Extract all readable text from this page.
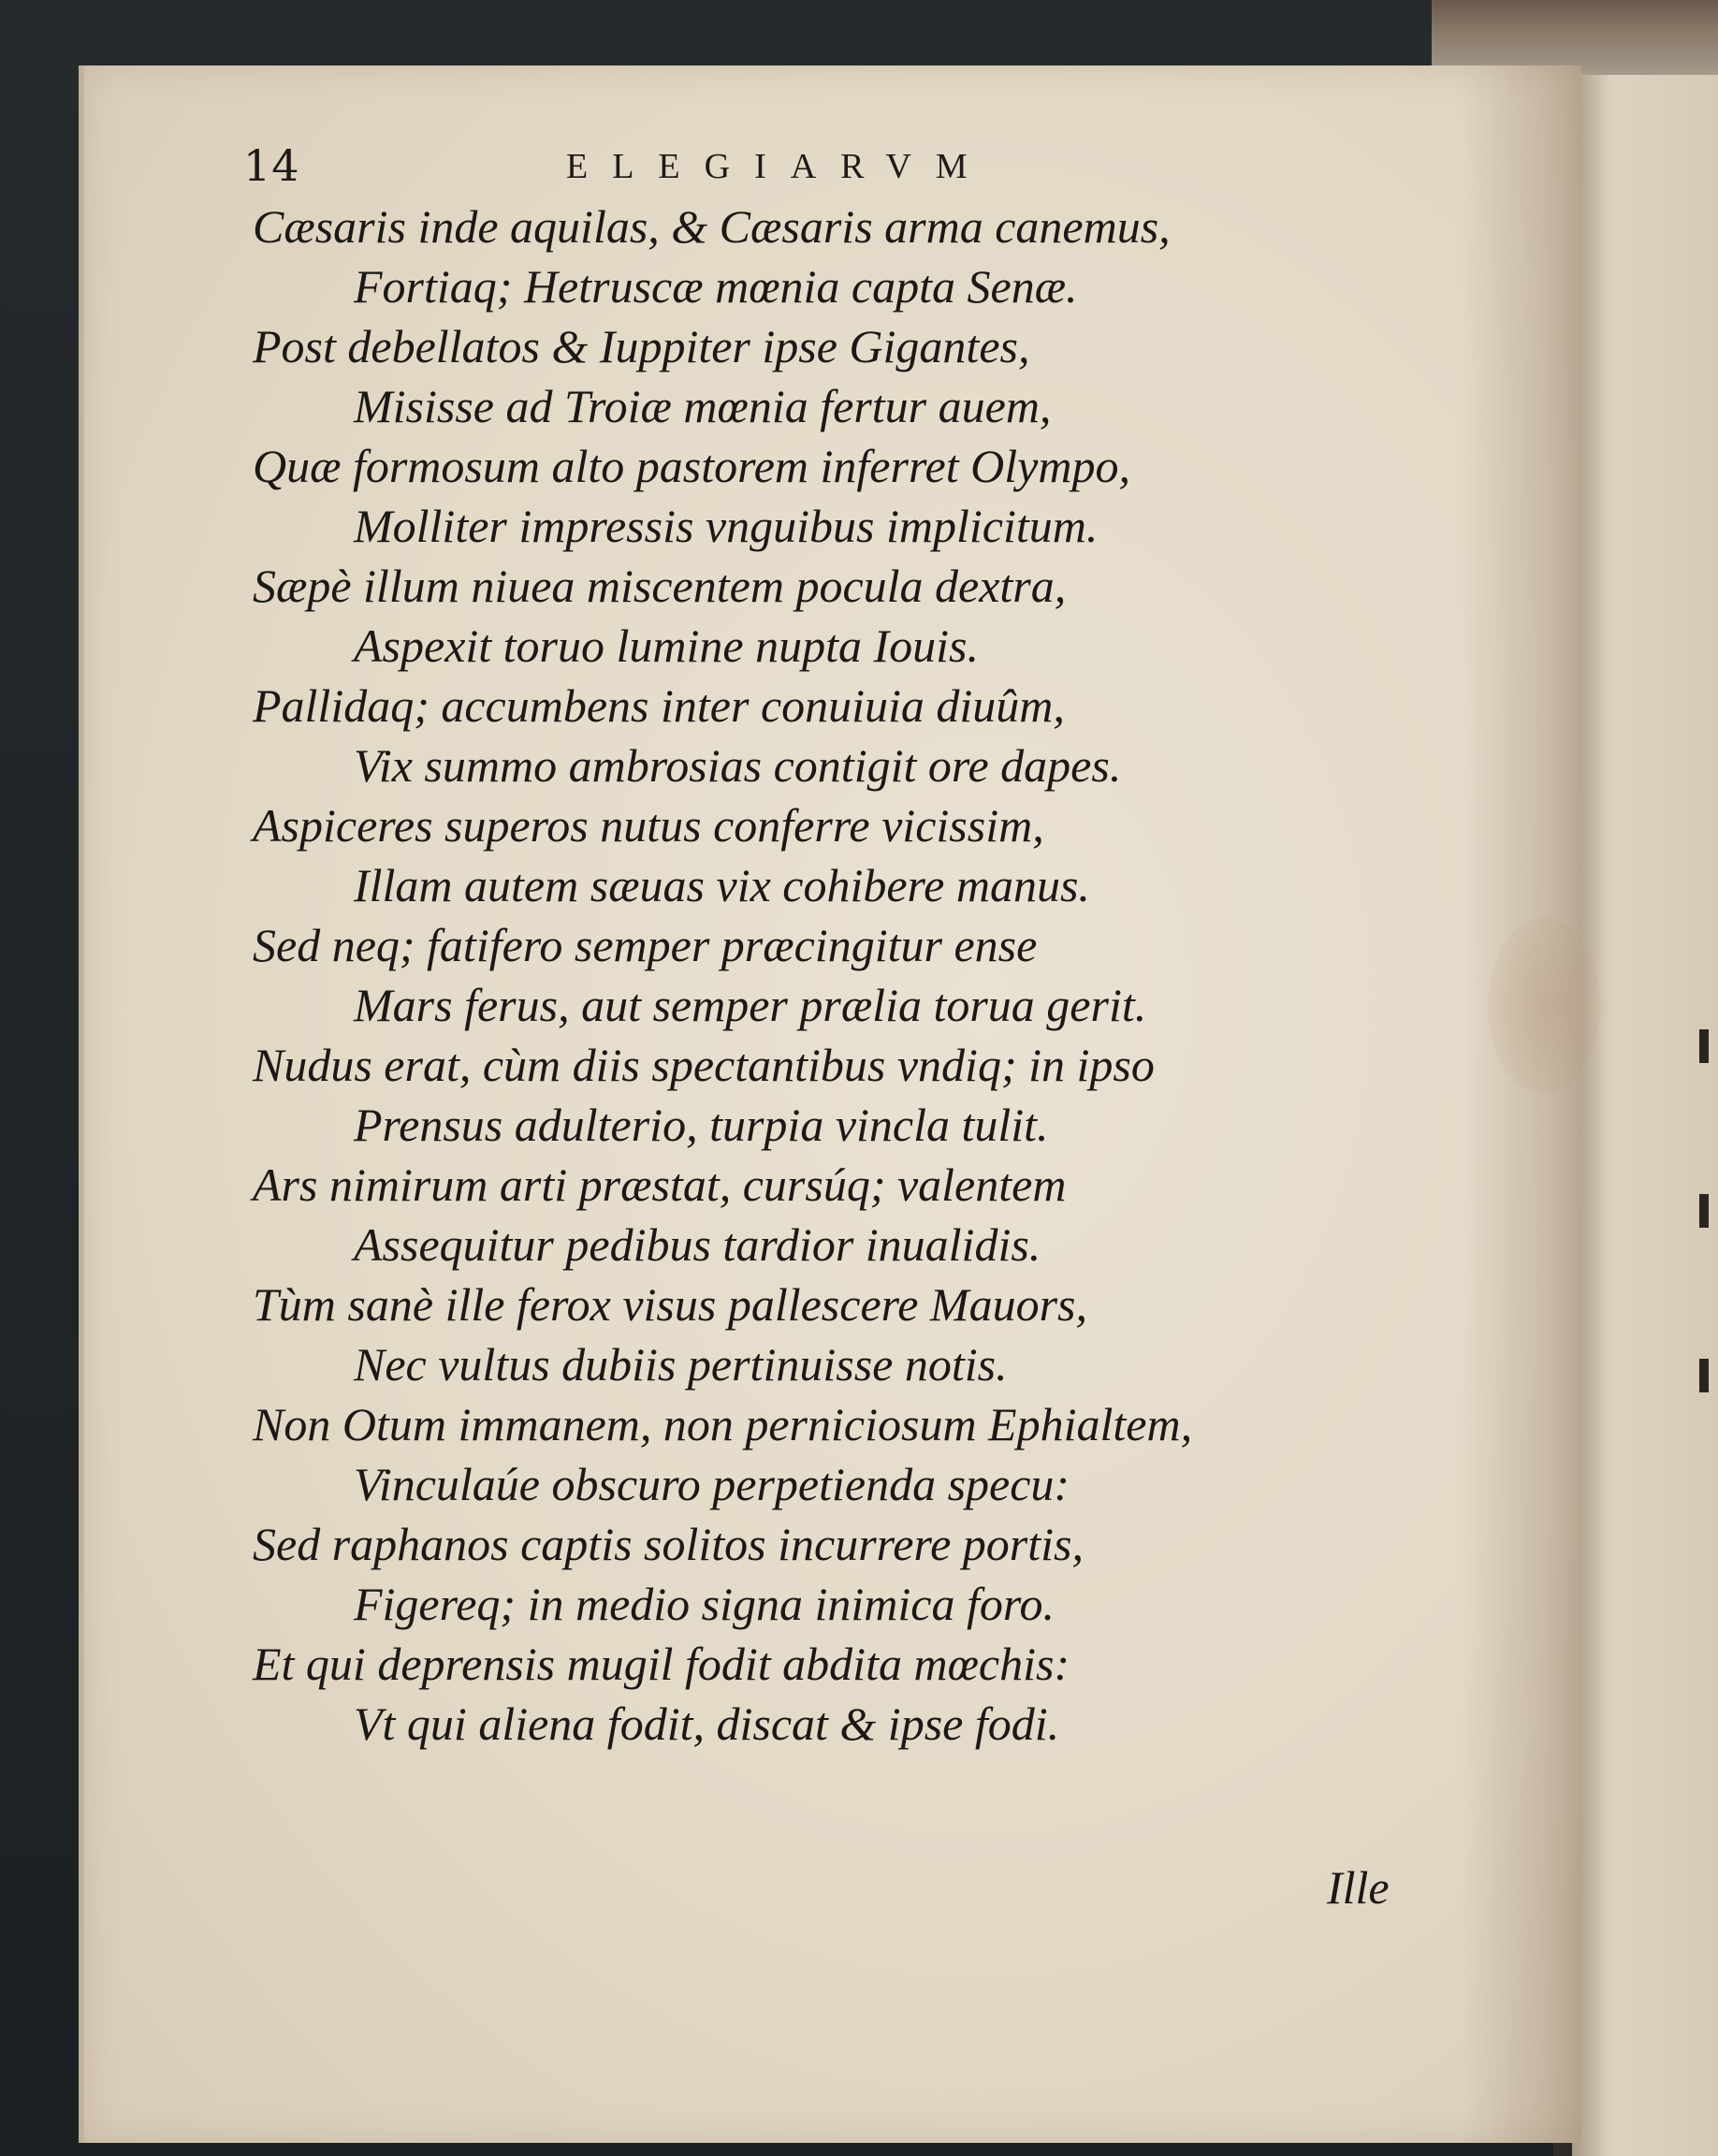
14	ELEGIARVM
Cæsaris inde aquilas, & Cæsaris arma canemus,
Fortiaq; Hetruscæ mœnia capta Senæ.
Post debellatos & Iuppiter ipse Gigantes,
Misisse ad Troiæ mœnia fertur auem,
Quæ formosum alto pastorem inferret Olympo,
Molliter impressis vnguibus implicitum.
Sæpè illum niuea miscentem pocula dextra,
Aspexit toruo lumine nupta Iouis.
Pallidaq; accumbens inter conuiuia diuûm,
Vix summo ambrosias contigit ore dapes.
Aspiceres superos nutus conferre vicissim,
Illam autem sæuas vix cohibere manus.
Sed neq; fatifero semper præcingitur ense
Mars ferus, aut semper prælia torua gerit.
Nudus erat, cùm diis spectantibus vndiq; in ipso
Prensus adulterio, turpia vincla tulit.
Ars nimirum arti præstat, cursúq; valentem
Assequitur pedibus tardior inualidis.
Tùm sanè ille ferox visus pallescere Mauors,
Nec vultus dubiis pertinuisse notis.
Non Otum immanem, non perniciosum Ephialtem,
Vinculaúe obscuro perpetienda specu:
Sed raphanos captis solitos incurrere portis,
Figereq; in medio signa inimica foro.
Et qui deprensis mugil fodit abdita mœchis:
Vt qui aliena fodit, discat & ipse fodi.
Ille
